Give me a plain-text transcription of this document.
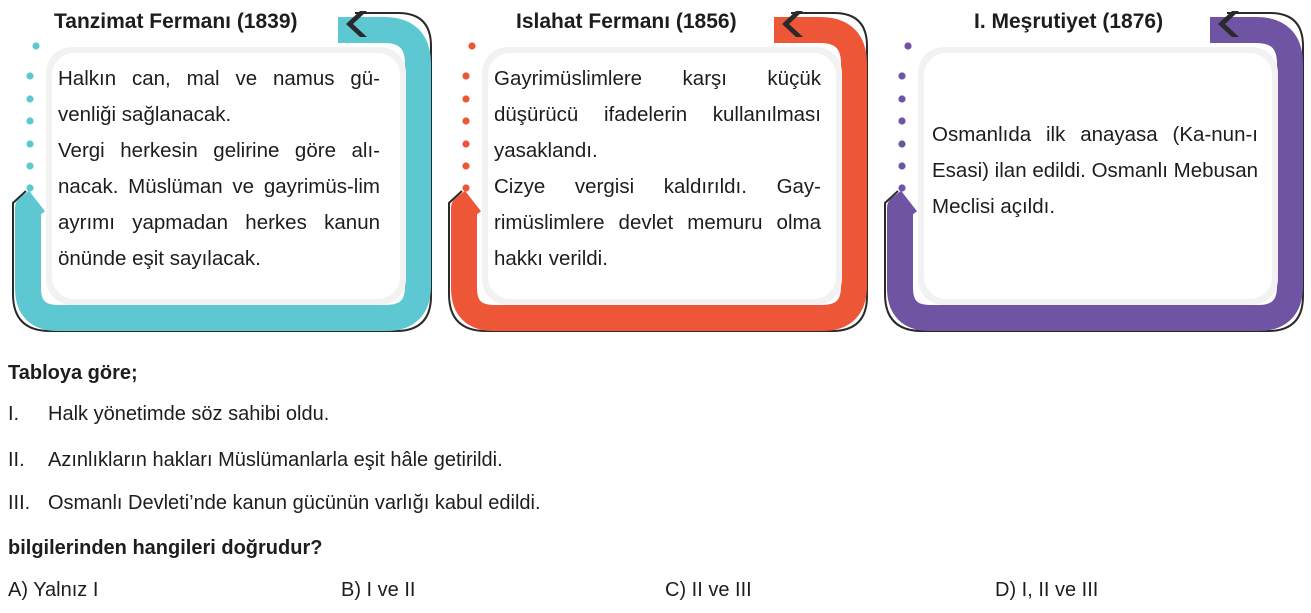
Tanzimat Fermanı (1839)

Halkın can, mal ve namus gü-venliği sağlanacak.

Vergi herkesin gelirine göre alı-nacak. Müslüman ve gayrimüs-lim ayrımı yapmadan herkes kanun önünde eşit sayılacak.

Islahat Fermanı (1856)

Gayrimüslimlere karşı küçük düşürücü ifadelerin kullanılması yasaklandı.

Cizye vergisi kaldırıldı. Gay-rimüslimlere devlet memuru olma hakkı verildi.

I. Meşrutiyet (1876)

Osmanlıda ilk anayasa (Ka-nun-ı Esasi) ilan edildi. Osmanlı Mebusan Meclisi açıldı.

Tabloya göre;
I. Halk yönetimde söz sahibi oldu.
II. Azınlıkların hakları Müslümanlarla eşit hâle getirildi.
III. Osmanlı Devleti’nde kanun gücünün varlığı kabul edildi.
bilgilerinden hangileri doğrudur?
A) Yalnız I	B) I ve II	C) II ve III	D) I, II ve III
